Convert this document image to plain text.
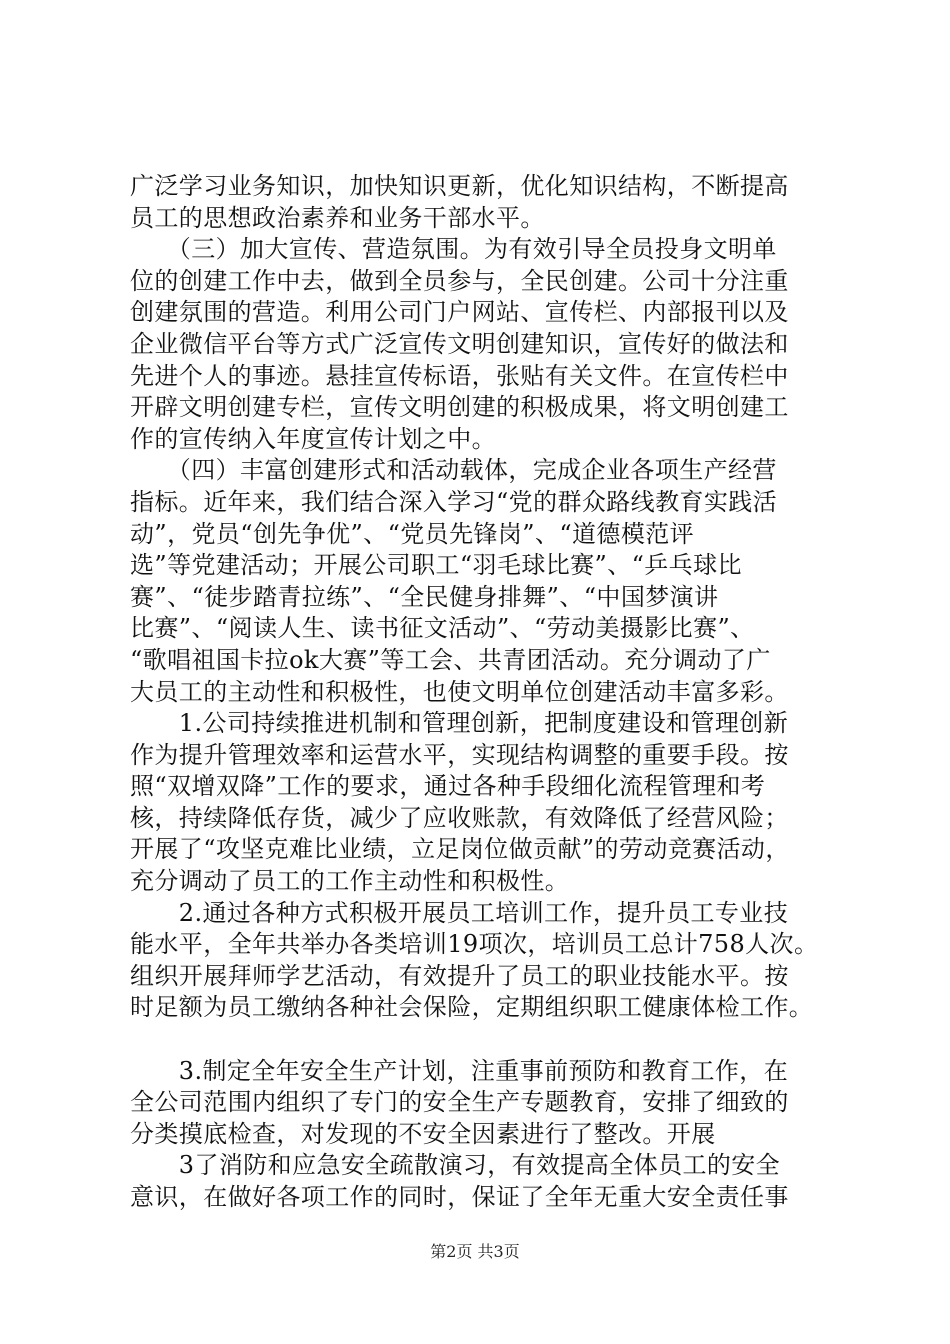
广泛学习业务知识，加快知识更新，优化知识结构，不断提高
员工的思想政治素养和业务干部水平。
　　（三）加大宣传、营造氛围。为有效引导全员投身文明单
位的创建工作中去，做到全员参与，全民创建。公司十分注重
创建氛围的营造。利用公司门户网站、宣传栏、内部报刊以及
企业微信平台等方式广泛宣传文明创建知识，宣传好的做法和
先进个人的事迹。悬挂宣传标语，张贴有关文件。在宣传栏中
开辟文明创建专栏，宣传文明创建的积极成果，将文明创建工
作的宣传纳入年度宣传计划之中。
　　（四）丰富创建形式和活动载体，完成企业各项生产经营
指标。近年来，我们结合深入学习“党的群众路线教育实践活
动”，党员“创先争优”、“党员先锋岗”、“道德模范评
选”等党建活动；开展公司职工“羽毛球比赛”、“乒乓球比
赛”、“徒步踏青拉练”、“全民健身排舞”、“中国梦演讲
比赛”、“阅读人生、读书征文活动”、“劳动美摄影比赛”、
“歌唱祖国卡拉ok大赛”等工会、共青团活动。充分调动了广
大员工的主动性和积极性，也使文明单位创建活动丰富多彩。
　　1.公司持续推进机制和管理创新，把制度建设和管理创新
作为提升管理效率和运营水平，实现结构调整的重要手段。按
照“双增双降”工作的要求，通过各种手段细化流程管理和考
核，持续降低存货，减少了应收账款，有效降低了经营风险；
开展了“攻坚克难比业绩，立足岗位做贡献”的劳动竞赛活动，
充分调动了员工的工作主动性和积极性。
　　2.通过各种方式积极开展员工培训工作，提升员工专业技
能水平，全年共举办各类培训19项次，培训员工总计758人次。
组织开展拜师学艺活动，有效提升了员工的职业技能水平。按
时足额为员工缴纳各种社会保险，定期组织职工健康体检工作。
　　3.制定全年安全生产计划，注重事前预防和教育工作，在
全公司范围内组织了专门的安全生产专题教育，安排了细致的
分类摸底检查，对发现的不安全因素进行了整改。开展
　　3了消防和应急安全疏散演习，有效提高全体员工的安全
意识，在做好各项工作的同时，保证了全年无重大安全责任事
第2页 共3页
